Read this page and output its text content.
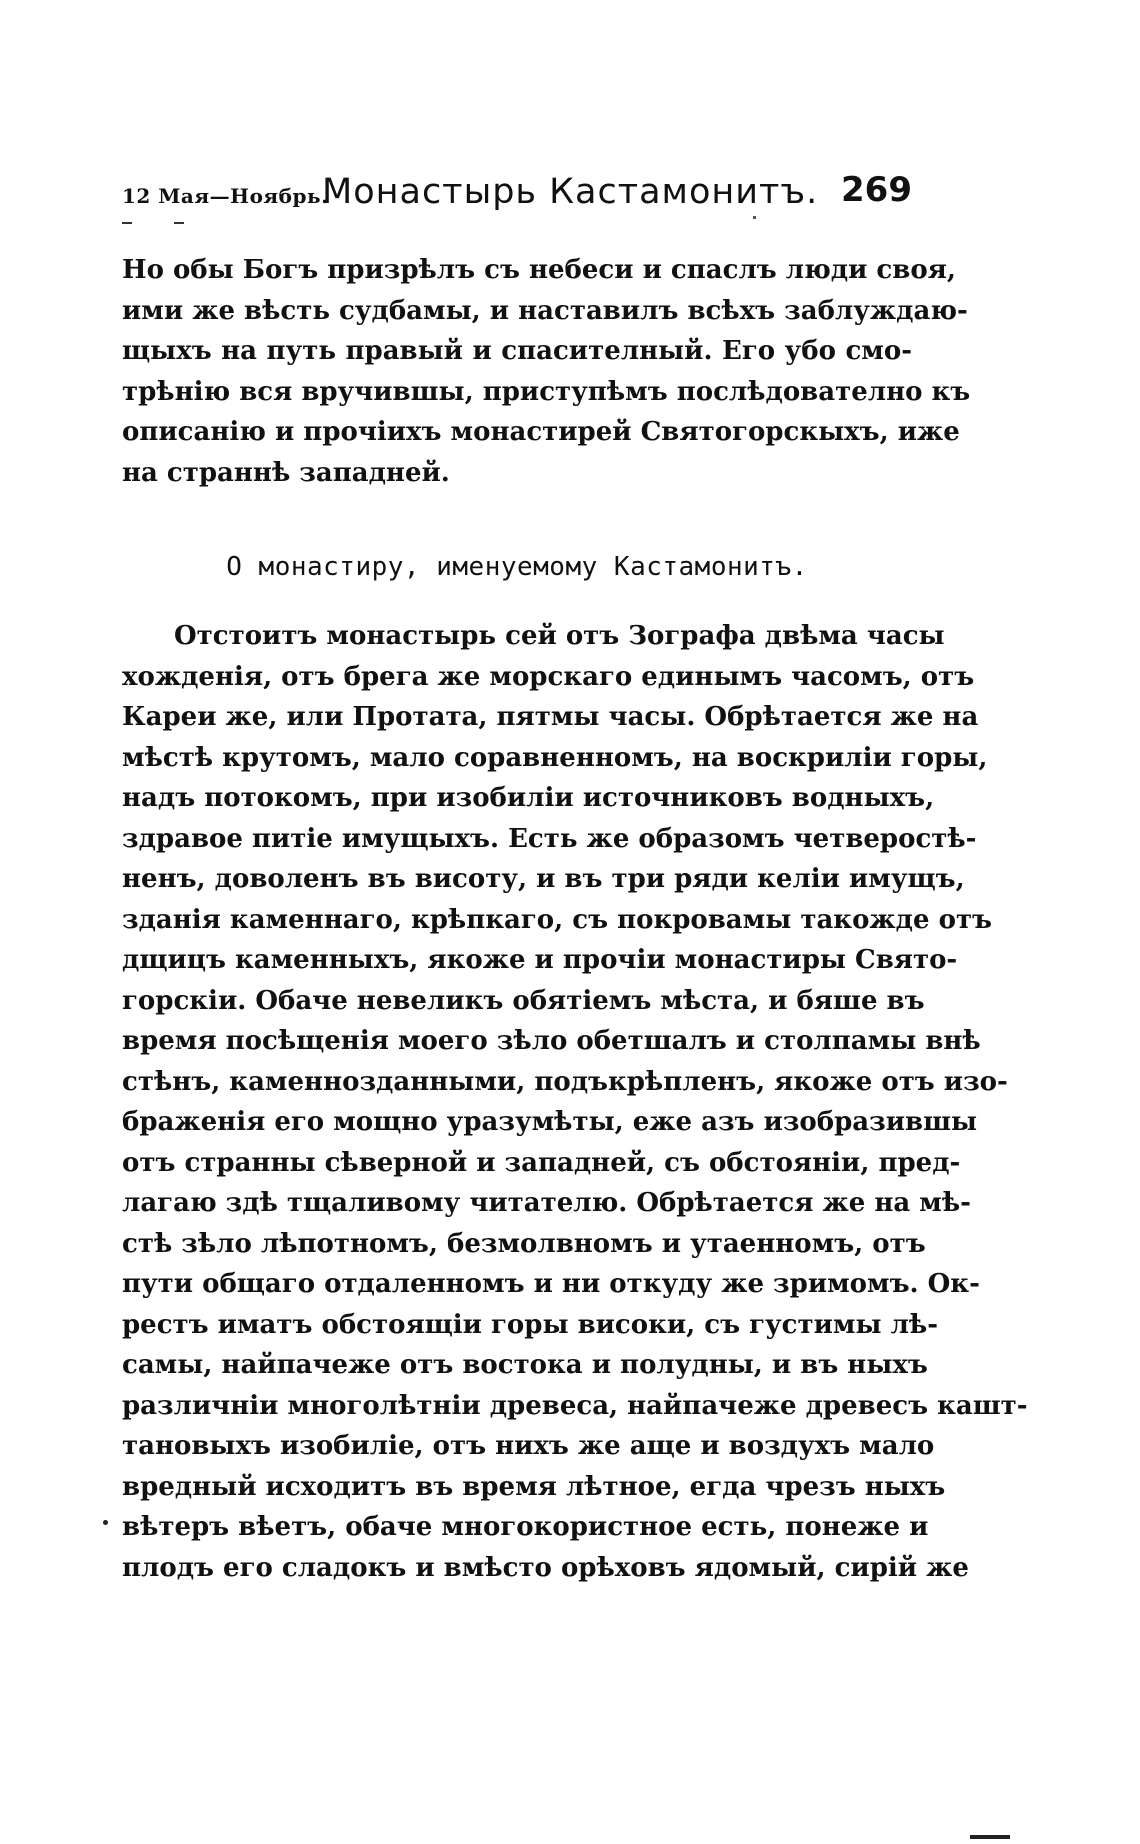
12 Мая—Ноябрь.
Монастырь Кастамонитъ. 269
Но обы Богъ призрѣлъ съ небеси и спаслъ люди своя,
ими же вѣсть судбамы, и наставилъ всѣхъ заблуждаю-
щыхъ на путь правый и спасителный. Его убо смо-
трѣнію вся вручившы, приступѣмъ послѣдователно къ
описанію и прочіихъ монастирей Святогорскыхъ, иже
на страннѣ западней.
О монастиру, именуемому Кастамонитъ.
Отстоитъ монастырь сей отъ Зографа двѣма часы
хожденія, отъ брега же морскаго единымъ часомъ, отъ
Кареи же, или Протата, пятмы часы. Обрѣтается же на
мѣстѣ крутомъ, мало соравненномъ, на воскриліи горы,
надъ потокомъ, при изобиліи источниковъ водныхъ,
здравое питіе имущыхъ. Есть же образомъ четверостѣ-
ненъ, доволенъ въ висоту, и въ три ряди келіи имущъ,
зданія каменнаго, крѣпкаго, съ покровамы такожде отъ
дщицъ каменныхъ, якоже и прочіи монастиры Свято-
горскіи. Обаче невеликъ обятіемъ мѣста, и бяше въ
время посѣщенія моего зѣло обетшалъ и столпамы внѣ
стѣнъ, каменнозданными, подъкрѣпленъ, якоже отъ изо-
браженія его мощно уразумѣты, еже азъ изобразившы
отъ странны сѣверной и западней, съ обстояніи, пред-
лагаю здѣ тщаливому читателю. Обрѣтается же на мѣ-
стѣ зѣло лѣпотномъ, безмолвномъ и утаенномъ, отъ
пути общаго отдаленномъ и ни откуду же зримомъ. Ок-
рестъ иматъ обстоящіи горы високи, съ густимы лѣ-
самы, найпачеже отъ востока и полудны, и въ ныхъ
различніи многолѣтніи древеса, найпачеже древесъ кашт-
тановыхъ изобиліе, отъ нихъ же аще и воздухъ мало
вредный исходитъ въ время лѣтное, егда чрезъ ныхъ
вѣтеръ вѣетъ, обаче многокористное есть, понеже и
плодъ его сладокъ и вмѣсто орѣховъ ядомый, сирій же
